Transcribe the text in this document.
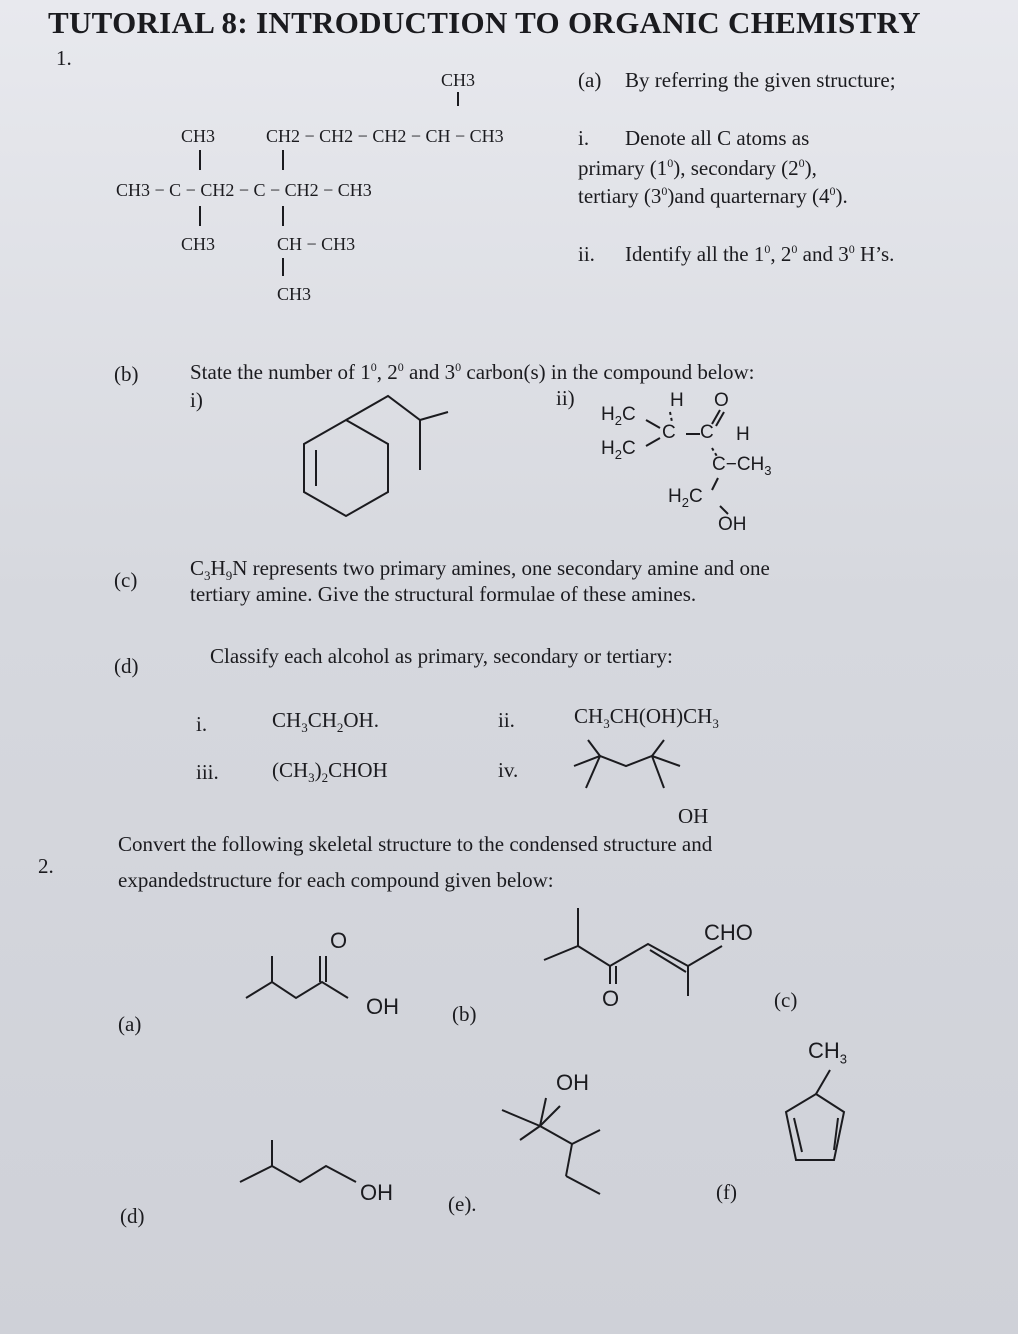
TUTORIAL 8: INTRODUCTION TO ORGANIC CHEMISTRY
1.
CH3
CH3	CH2 − CH2 − CH2 − CH − CH3
CH3 − C − CH2 − C − CH2 − CH3
CH3	CH − CH3
CH3
(a) By referring the given structure;
i. Denote all C atoms as
primary $(1^0)$, secondary $(2^0)$,
tertiary $(3^0)and$ quarternary $(4^0)$.
ii. Identify all the $1^0$, $2^0$ and $3^0$ H’s.
(b) State the number of $1^0$, $2^0$ and $3^0$ carbon(s) in the compound below:
i)	ii)	H O
$H_2C$
C C H
$H_2C$
$C-CH_3$
$H_2C$
OH
(c)	$C_3H_9N$ represents two primary amines, one secondary amine and one
tertiary amine. Give the structural formulae of these amines.
(d)	Classify each alcohol as primary, secondary or tertiary:
i.	$CH_3CH_2OH$.	ii.	$CH_3CH(OH)CH_3$
iii.	$(CH_3)_2CHOH$	iv.
OH
2.
Convert the following skeletal structure to the condensed structure and
expandedstructure for each compound given below:
(a)
O
OH	(b)
O
CHO
(c)
$CH_3$
(d)
OH	(e).
OH
(f)
